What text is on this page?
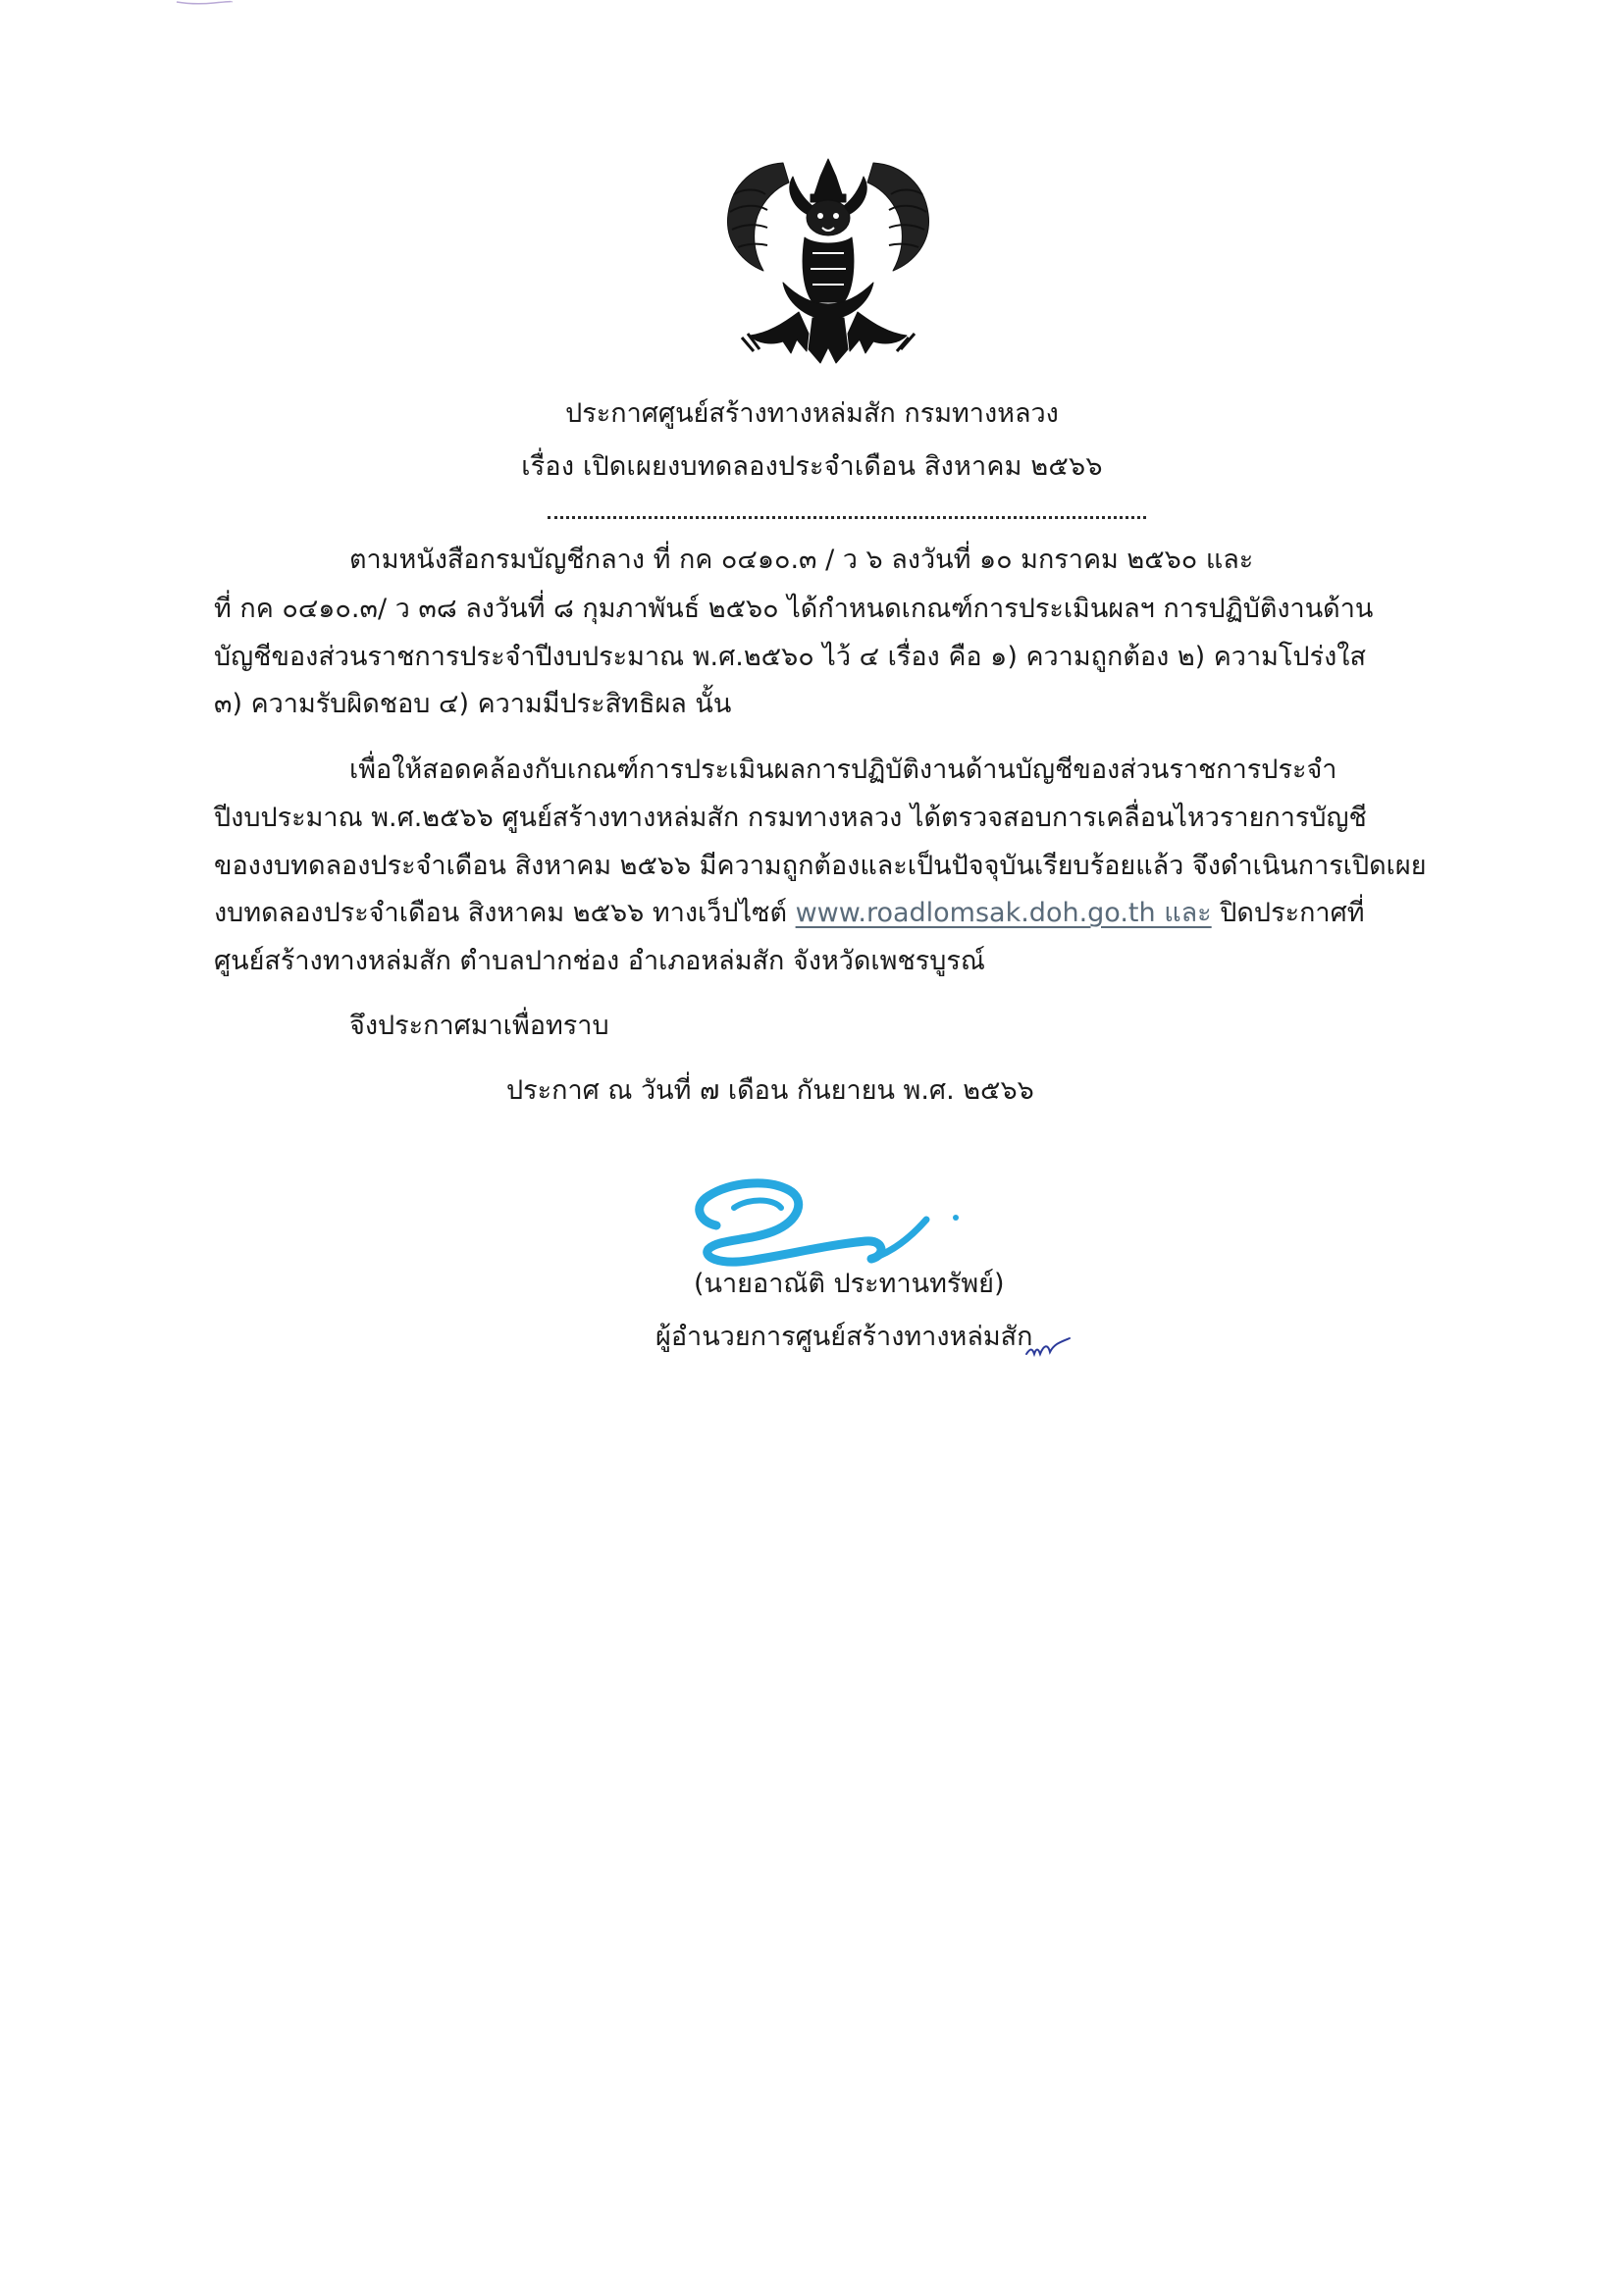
ประกาศศูนย์สร้างทางหล่มสัก กรมทางหลวง
เรื่อง เปิดเผยงบทดลองประจำเดือน สิงหาคม ๒๕๖๖
ตามหนังสือกรมบัญชีกลาง ที่ กค ๐๔๑๐.๓ / ว ๖ ลงวันที่ ๑๐ มกราคม ๒๕๖๐ และ
ที่ กค ๐๔๑๐.๓/ ว ๓๘ ลงวันที่ ๘ กุมภาพันธ์ ๒๕๖๐ ได้กำหนดเกณฑ์การประเมินผลฯ การปฏิบัติงานด้าน
บัญชีของส่วนราชการประจำปีงบประมาณ พ.ศ.๒๕๖๐ ไว้ ๔ เรื่อง คือ ๑) ความถูกต้อง ๒) ความโปร่งใส
๓) ความรับผิดชอบ ๔) ความมีประสิทธิผล นั้น
เพื่อให้สอดคล้องกับเกณฑ์การประเมินผลการปฏิบัติงานด้านบัญชีของส่วนราชการประจำ
ปีงบประมาณ พ.ศ.๒๕๖๖ ศูนย์สร้างทางหล่มสัก กรมทางหลวง ได้ตรวจสอบการเคลื่อนไหวรายการบัญชี
ของงบทดลองประจำเดือน สิงหาคม ๒๕๖๖ มีความถูกต้องและเป็นปัจจุบันเรียบร้อยแล้ว จึงดำเนินการเปิดเผย
งบทดลองประจำเดือน สิงหาคม ๒๕๖๖ ทางเว็ปไซต์ www.roadlomsak.doh.go.th และ ปิดประกาศที่
ศูนย์สร้างทางหล่มสัก ตำบลปากช่อง อำเภอหล่มสัก จังหวัดเพชรบูรณ์
จึงประกาศมาเพื่อทราบ
ประกาศ ณ วันที่ ๗ เดือน กันยายน พ.ศ. ๒๕๖๖
(นายอาณัติ ประทานทรัพย์)
ผู้อำนวยการศูนย์สร้างทางหล่มสัก
